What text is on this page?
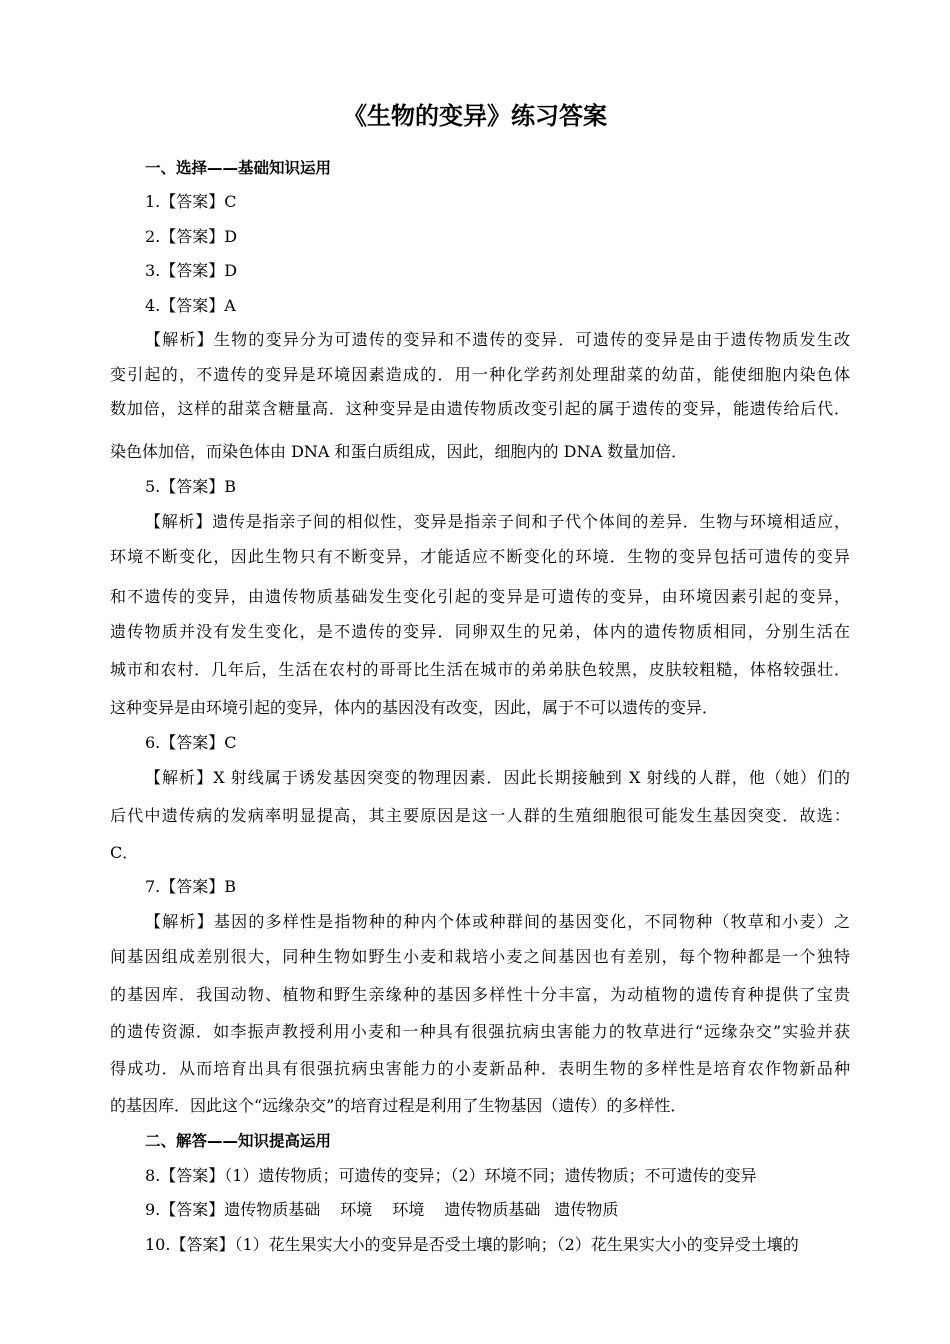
《生物的变异》练习答案
一、选择——基础知识运用
1.【答案】C
2.【答案】D
3.【答案】D
4.【答案】A
【解析】生物的变异分为可遗传的变异和不遗传的变异．可遗传的变异是由于遗传物质发生改
变引起的，不遗传的变异是环境因素造成的．用一种化学药剂处理甜菜的幼苗，能使细胞内染色体
数加倍，这样的甜菜含糖量高．这种变异是由遗传物质改变引起的属于遗传的变异，能遗传给后代．
染色体加倍，而染色体由 DNA 和蛋白质组成，因此，细胞内的 DNA 数量加倍．
5.【答案】B
【解析】遗传是指亲子间的相似性，变异是指亲子间和子代个体间的差异．生物与环境相适应，
环境不断变化，因此生物只有不断变异，才能适应不断变化的环境．生物的变异包括可遗传的变异
和不遗传的变异，由遗传物质基础发生变化引起的变异是可遗传的变异，由环境因素引起的变异，
遗传物质并没有发生变化，是不遗传的变异．同卵双生的兄弟，体内的遗传物质相同，分别生活在
城市和农村．几年后，生活在农村的哥哥比生活在城市的弟弟肤色较黑，皮肤较粗糙，体格较强壮．
这种变异是由环境引起的变异，体内的基因没有改变，因此，属于不可以遗传的变异．
6.【答案】C
【解析】X 射线属于诱发基因突变的物理因素．因此长期接触到 X 射线的人群，他（她）们的
后代中遗传病的发病率明显提高，其主要原因是这一人群的生殖细胞很可能发生基因突变．故选：
C．
7.【答案】B
【解析】基因的多样性是指物种的种内个体或种群间的基因变化，不同物种（牧草和小麦）之
间基因组成差别很大，同种生物如野生小麦和栽培小麦之间基因也有差别，每个物种都是一个独特
的基因库．我国动物、植物和野生亲缘种的基因多样性十分丰富，为动植物的遗传育种提供了宝贵
的遗传资源．如李振声教授利用小麦和一种具有很强抗病虫害能力的牧草进行“远缘杂交”实验并获
得成功．从而培育出具有很强抗病虫害能力的小麦新品种．表明生物的多样性是培育农作物新品种
的基因库．因此这个“远缘杂交”的培育过程是利用了生物基因（遗传）的多样性．
二、解答——知识提高运用
8.【答案】（1）遗传物质；可遗传的变异；（2）环境不同；遗传物质；不可遗传的变异
9.【答案】遗传物质基础 环境 环境 遗传物质基础 遗传物质
10.【答案】（1）花生果实大小的变异是否受土壤的影响；（2）花生果实大小的变异受土壤的
